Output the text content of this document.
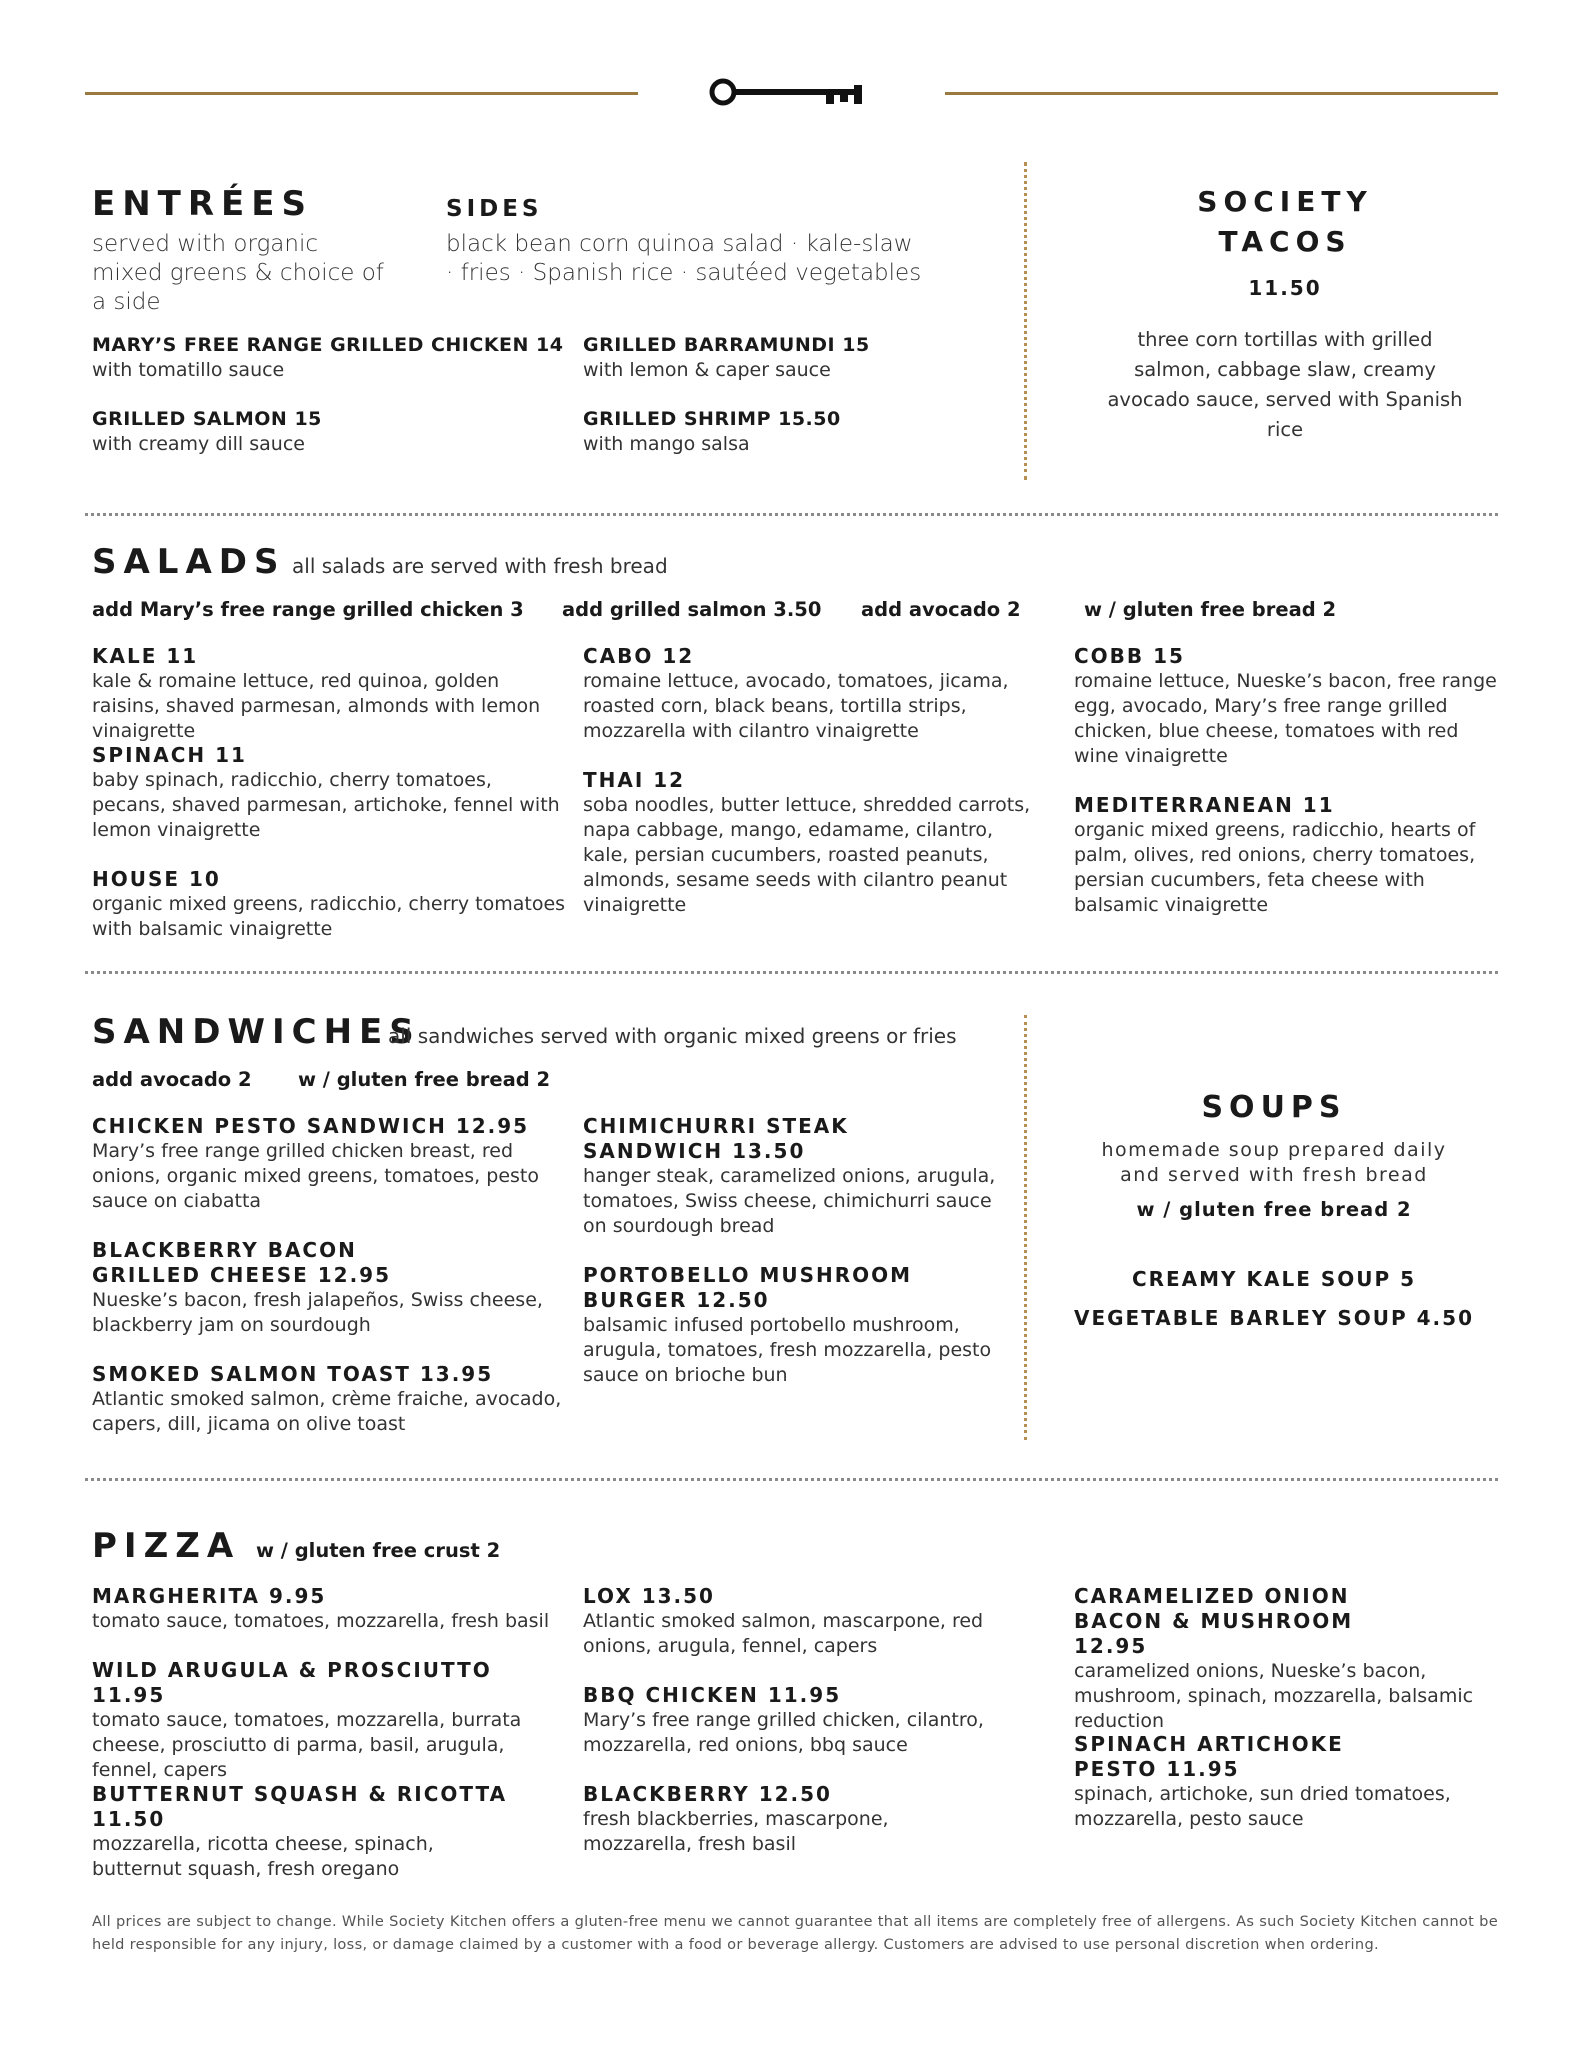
ENTRÉES
served with organic mixed greens & choice of a side
SIDES
black bean corn quinoa salad · kale-slaw · fries · Spanish rice · sautéed vegetables
MARY’S FREE RANGE GRILLED CHICKEN 14
with tomatillo sauce
GRILLED SALMON 15
with creamy dill sauce
GRILLED BARRAMUNDI 15
with lemon & caper sauce
GRILLED SHRIMP 15.50
with mango salsa
SOCIETY
TACOS
11.50
three corn tortillas with grilled salmon, cabbage slaw, creamy avocado sauce, served with Spanish rice
SALADS all salads are served with fresh bread
add Mary’s free range grilled chicken 3 add grilled salmon 3.50 add avocado 2	w / gluten free bread 2
KALE 11
kale & romaine lettuce, red quinoa, golden raisins, shaved parmesan, almonds with lemon vinaigrette
SPINACH 11
baby spinach, radicchio, cherry tomatoes, pecans, shaved parmesan, artichoke, fennel with lemon vinaigrette
HOUSE 10
organic mixed greens, radicchio, cherry tomatoes with balsamic vinaigrette
CABO 12
romaine lettuce, avocado, tomatoes, jicama, roasted corn, black beans, tortilla strips, mozzarella with cilantro vinaigrette
THAI 12
soba noodles, butter lettuce, shredded carrots, napa cabbage, mango, edamame, cilantro, kale, persian cucumbers, roasted peanuts, almonds, sesame seeds with cilantro peanut vinaigrette
COBB 15
romaine lettuce, Nueske’s bacon, free range egg, avocado, Mary’s free range grilled chicken, blue cheese, tomatoes with red wine vinaigrette
MEDITERRANEAN 11
organic mixed greens, radicchio, hearts of palm, olives, red onions, cherry tomatoes, persian cucumbers, feta cheese with balsamic vinaigrette
SANDWICHES
all sandwiches served with organic mixed greens or fries
add avocado 2 w / gluten free bread 2
CHICKEN PESTO SANDWICH 12.95
Mary’s free range grilled chicken breast, red onions, organic mixed greens, tomatoes, pesto sauce on ciabatta
BLACKBERRY BACON GRILLED CHEESE 12.95
Nueske’s bacon, fresh jalapeños, Swiss cheese, blackberry jam on sourdough
SMOKED SALMON TOAST 13.95
Atlantic smoked salmon, crème fraiche, avocado, capers, dill, jicama on olive toast
CHIMICHURRI STEAK SANDWICH 13.50
hanger steak, caramelized onions, arugula, tomatoes, Swiss cheese, chimichurri sauce on sourdough bread
PORTOBELLO MUSHROOM BURGER 12.50
balsamic infused portobello mushroom, arugula, tomatoes, fresh mozzarella, pesto sauce on brioche bun
SOUPS
homemade soup prepared daily and served with fresh bread
w / gluten free bread 2
CREAMY KALE SOUP 5
VEGETABLE BARLEY SOUP 4.50
PIZZA w / gluten free crust 2
MARGHERITA 9.95
tomato sauce, tomatoes, mozzarella, fresh basil
WILD ARUGULA & PROSCIUTTO 11.95
tomato sauce, tomatoes, mozzarella, burrata cheese, prosciutto di parma, basil, arugula, fennel, capers
BUTTERNUT SQUASH & RICOTTA 11.50
mozzarella, ricotta cheese, spinach, butternut squash, fresh oregano
LOX 13.50
Atlantic smoked salmon, mascarpone, red onions, arugula, fennel, capers
BBQ CHICKEN 11.95
Mary’s free range grilled chicken, cilantro, mozzarella, red onions, bbq sauce
BLACKBERRY 12.50
fresh blackberries, mascarpone, mozzarella, fresh basil
CARAMELIZED ONION BACON & MUSHROOM 12.95
caramelized onions, Nueske’s bacon, mushroom, spinach, mozzarella, balsamic reduction
SPINACH ARTICHOKE PESTO 11.95
spinach, artichoke, sun dried tomatoes, mozzarella, pesto sauce
All prices are subject to change. While Society Kitchen offers a gluten-free menu we cannot guarantee that all items are completely free of allergens. As such Society Kitchen cannot be held responsible for any injury, loss, or damage claimed by a customer with a food or beverage allergy. Customers are advised to use personal discretion when ordering.
